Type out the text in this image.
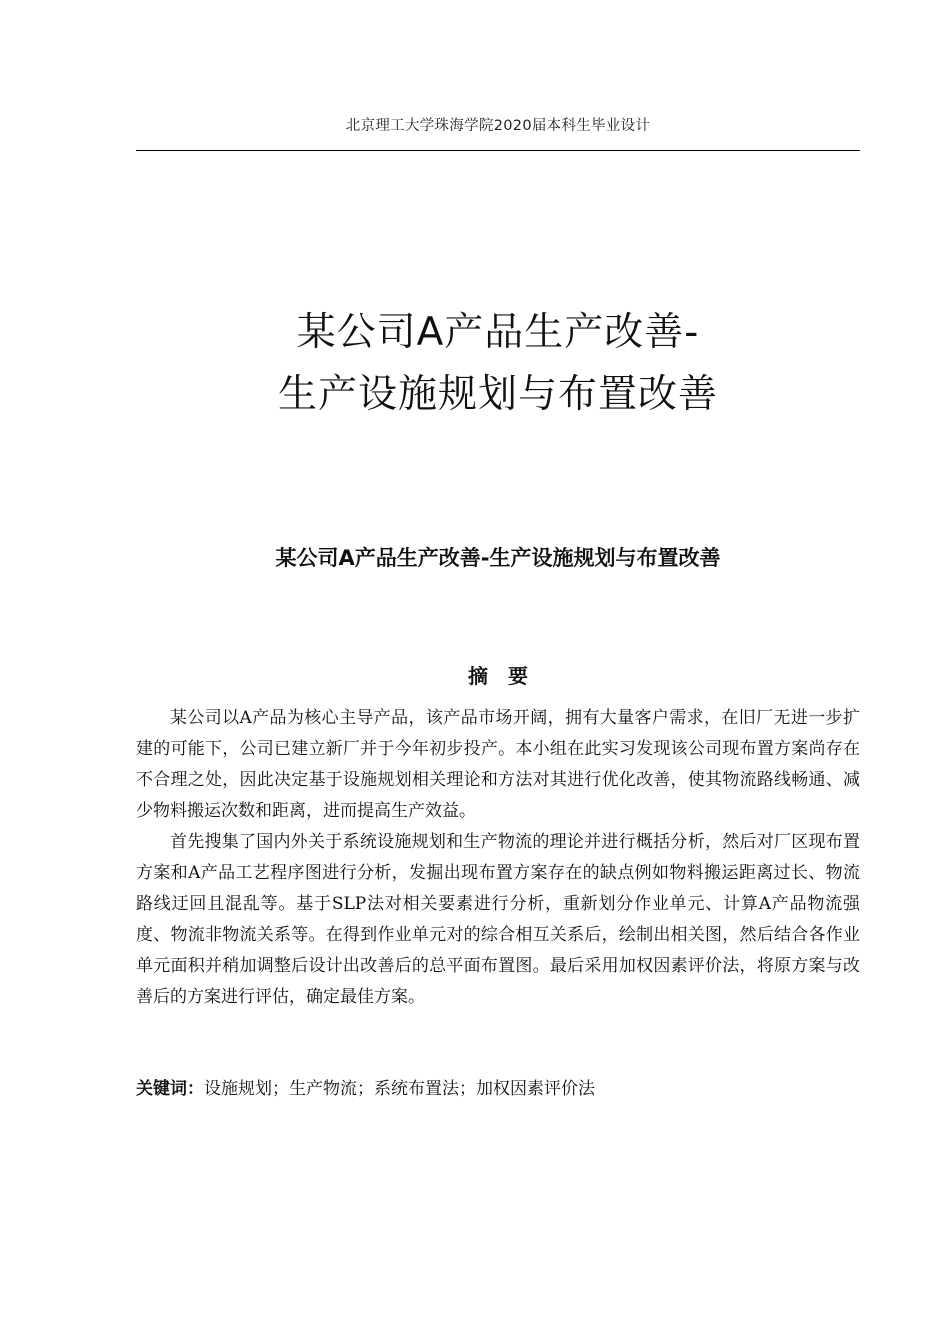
北京理工大学珠海学院2020届本科生毕业设计
某公司A产品生产改善-
生产设施规划与布置改善
某公司A产品生产改善-生产设施规划与布置改善
摘要

某公司以A产品为核心主导产品，该产品市场开阔，拥有大量客户需求，在旧厂无进一步扩建的可能下，公司已建立新厂并于今年初步投产。本小组在此实习发现该公司现布置方案尚存在不合理之处，因此决定基于设施规划相关理论和方法对其进行优化改善，使其物流路线畅通、减少物料搬运次数和距离，进而提高生产效益。

首先搜集了国内外关于系统设施规划和生产物流的理论并进行概括分析，然后对厂区现布置方案和A产品工艺程序图进行分析，发掘出现布置方案存在的缺点例如物料搬运距离过长、物流路线迂回且混乱等。基于SLP法对相关要素进行分析，重新划分作业单元、计算A产品物流强度、物流非物流关系等。在得到作业单元对的综合相互关系后，绘制出相关图，然后结合各作业单元面积并稍加调整后设计出改善后的总平面布置图。最后采用加权因素评价法，将原方案与改善后的方案进行评估，确定最佳方案。

关键词：设施规划；生产物流；系统布置法；加权因素评价法
